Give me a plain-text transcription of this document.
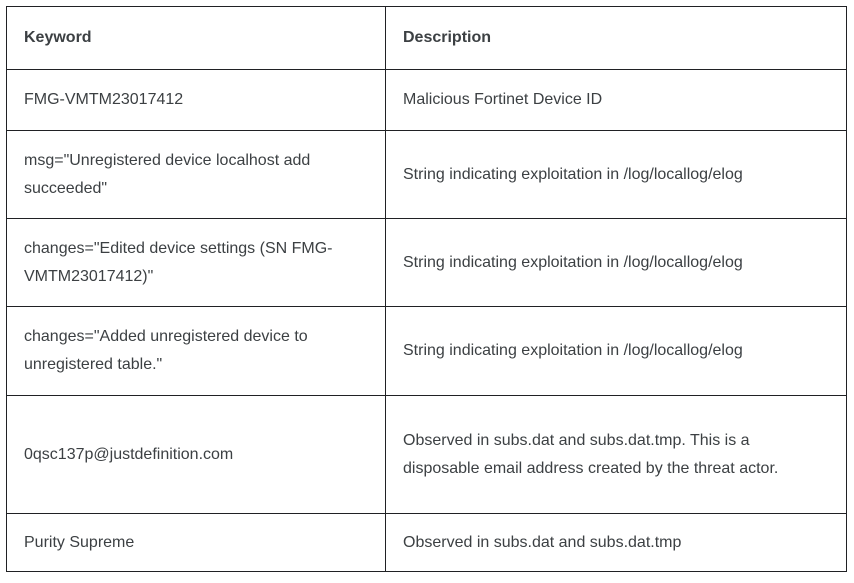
Keyword	Description
FMG-VMTM23017412	Malicious Fortinet Device ID
msg="Unregistered device localhost add succeeded"	String indicating exploitation in /log/locallog/elog
changes="Edited device settings (SN FMG-VMTM23017412)"	String indicating exploitation in /log/locallog/elog
changes="Added unregistered device to unregistered table."	String indicating exploitation in /log/locallog/elog
0qsc137p@justdefinition.com	Observed in subs.dat and subs.dat.tmp. This is a disposable email address created by the threat actor.
Purity Supreme	Observed in subs.dat and subs.dat.tmp
